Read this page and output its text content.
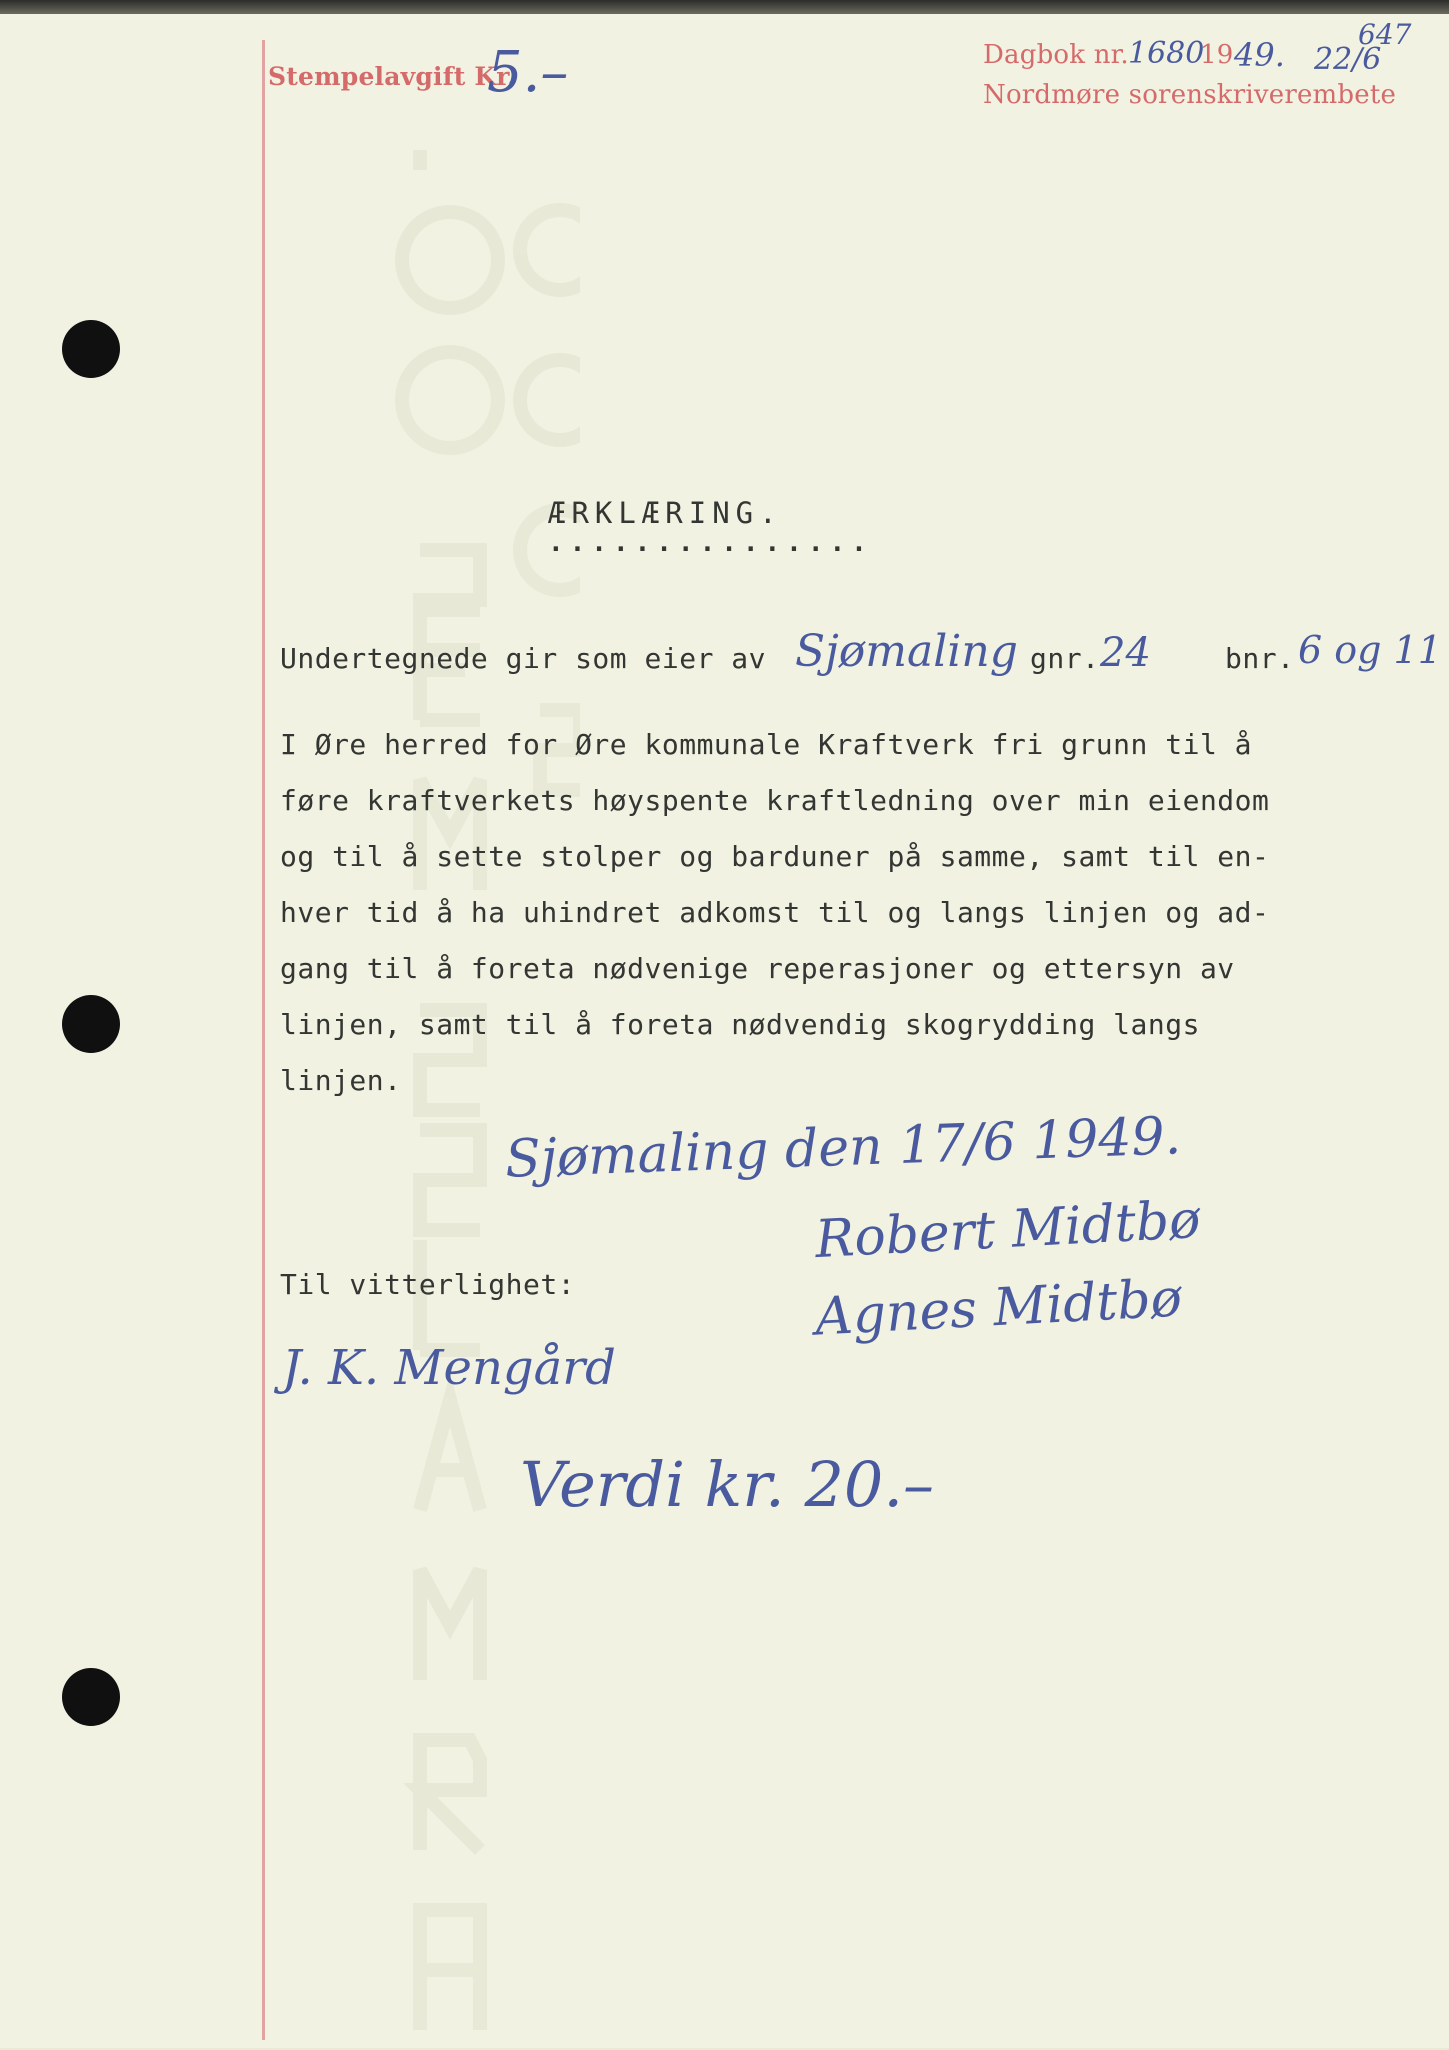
Stempelavgift Kr.
5.–	Dagbok nr. 1680
19 49. 22/6
647
Nordmøre sorenskriverembete
ÆRKLÆRING.
...............
Undertegnede gir som eier av Sjømaling gnr. 24	bnr. 6 og 11
I Øre herred for Øre kommunale Kraftverk fri grunn til å
føre kraftverkets høyspente kraftledning over min eiendom
og til å sette stolper og barduner på samme, samt til en-
hver tid å ha uhindret adkomst til og langs linjen og ad-
gang til å foreta nødvenige reperasjoner og ettersyn av
linjen, samt til å foreta nødvendig skogrydding langs
linjen.
Sjømaling den 17/6 1949.
Robert Midtbø
Agnes Midtbø
Til vitterlighet:
J. K. Mengård
Verdi kr. 20.–
